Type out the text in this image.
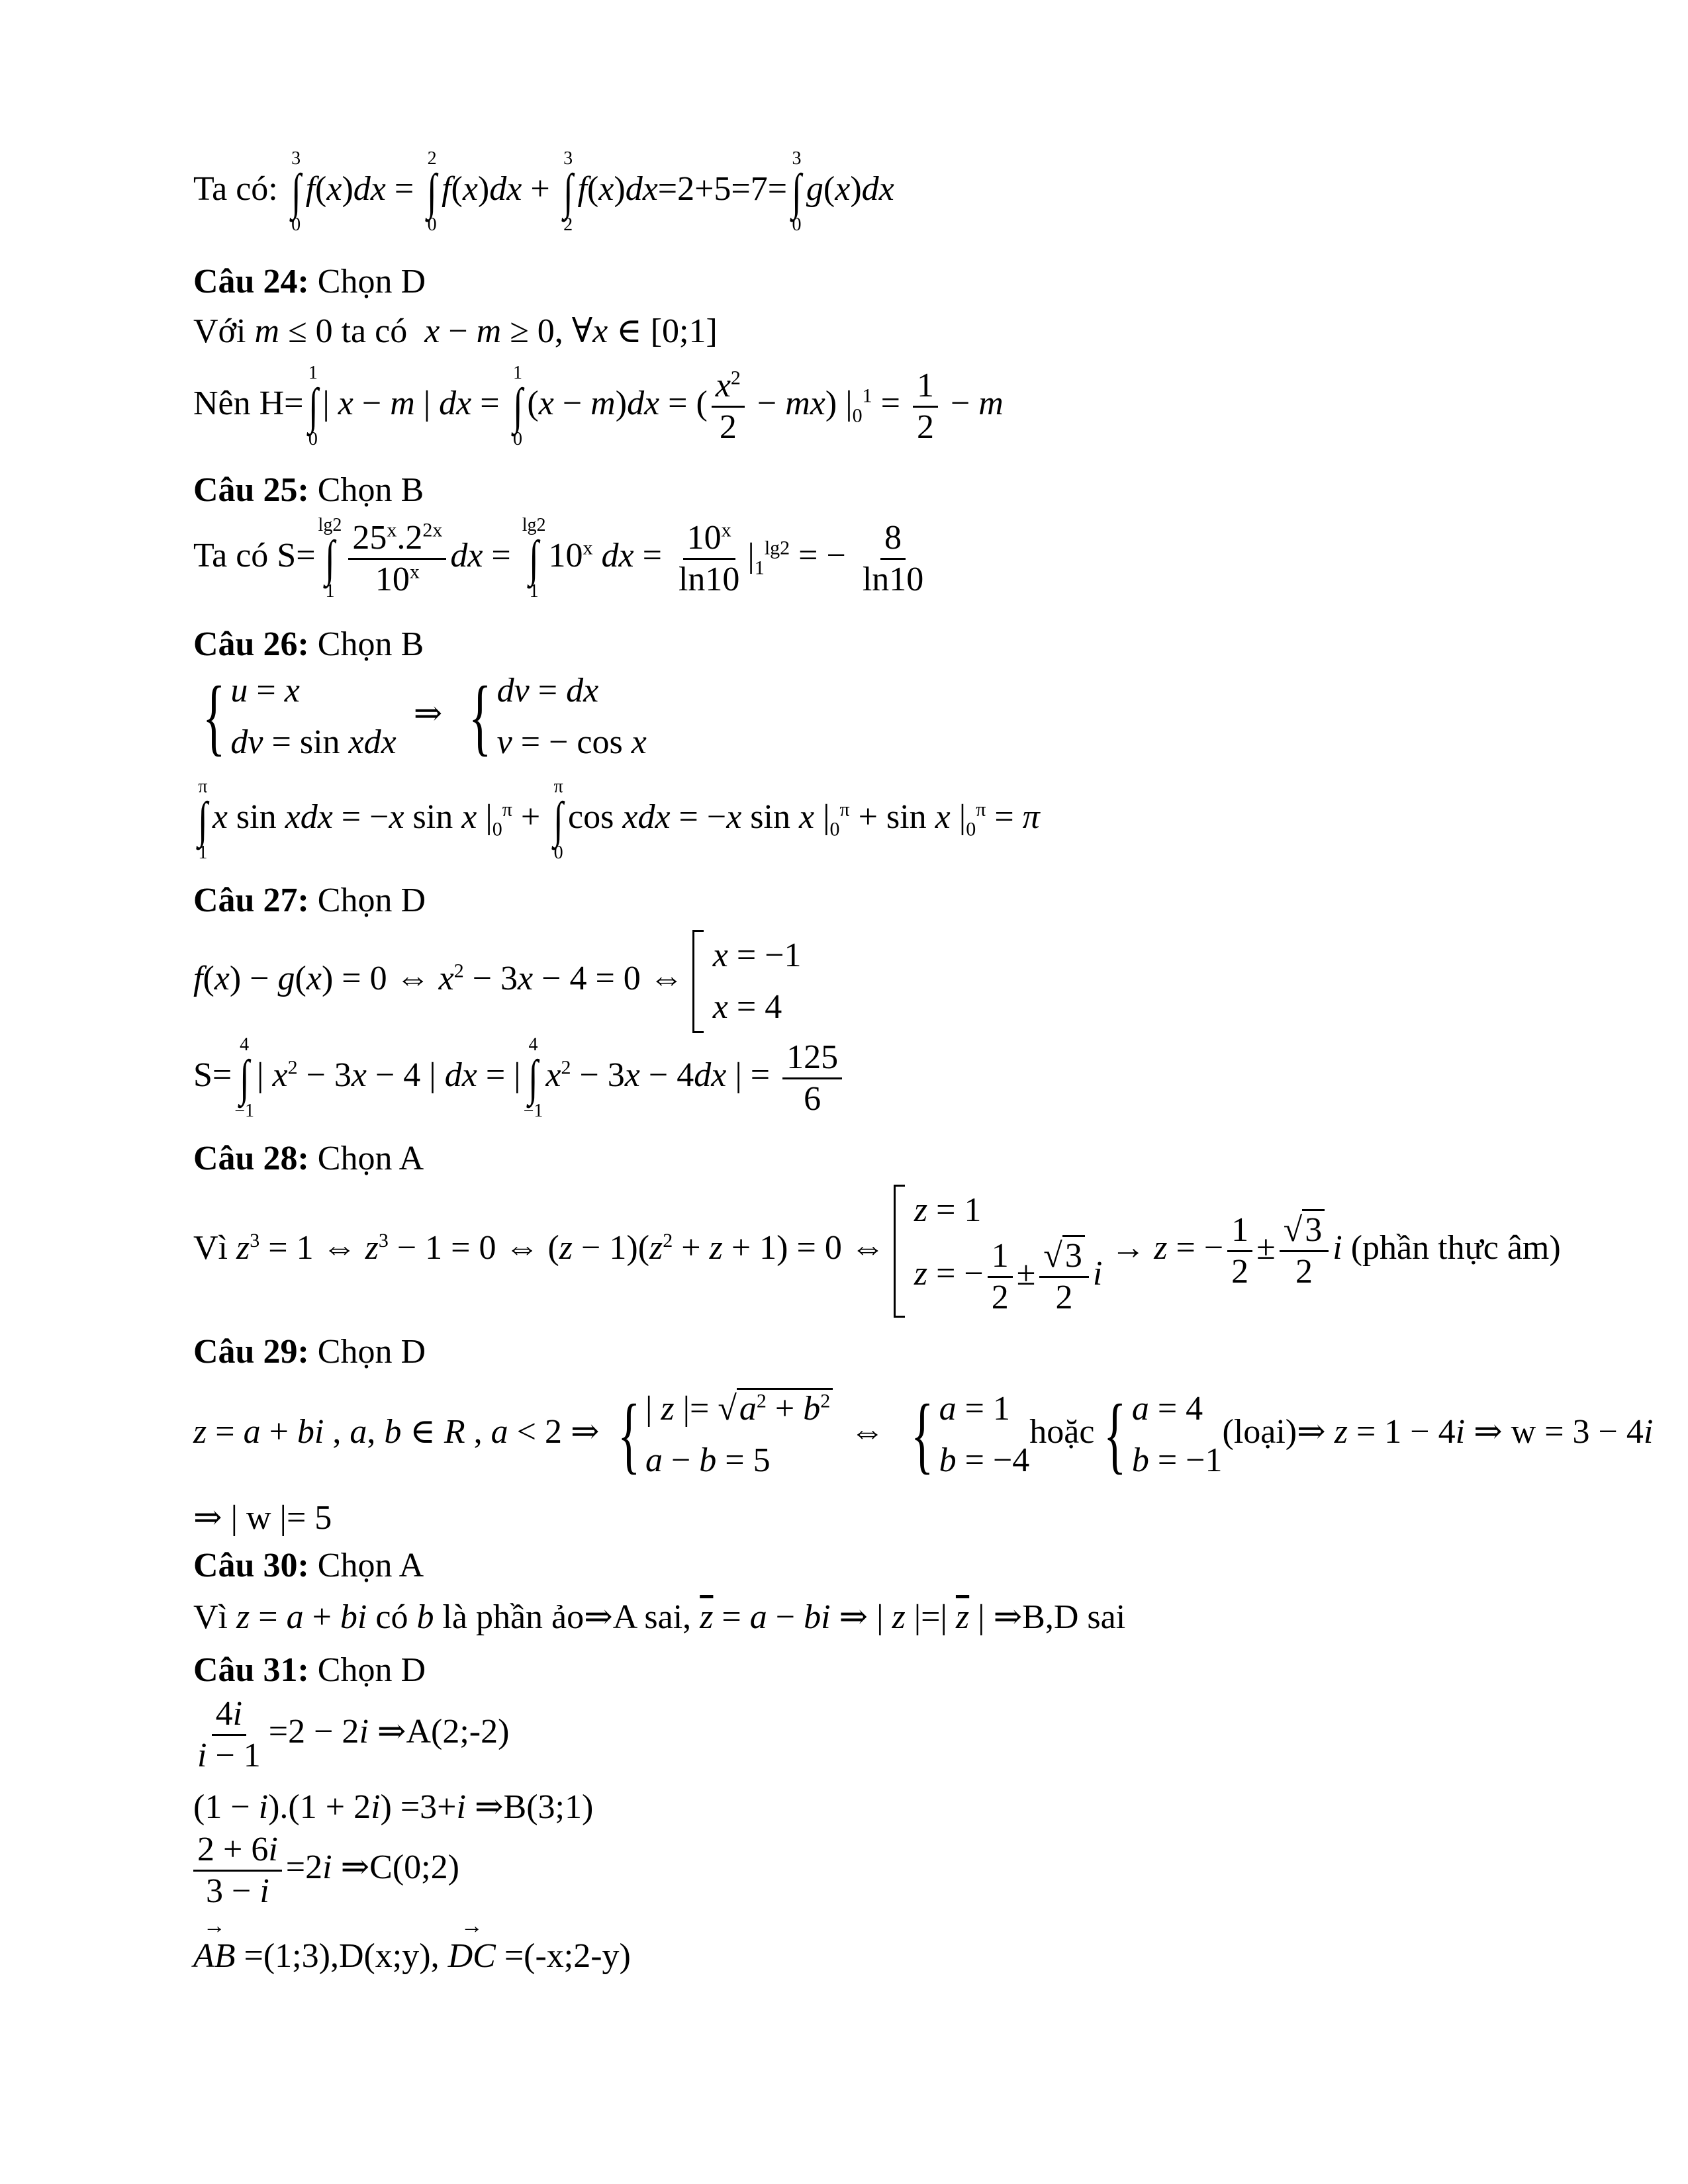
Ta có:
3
∫
0
f(x)dx =
2
∫
0
f(x)dx +
3
∫
2
f(x)dx=2+5=7=
3
∫
0
g(x)dx
Câu 24: Chọn D
Với m ≤ 0 ta có x − m ≥ 0, ∀x ∈ [0;1]
Nên H=
1
∫
0
| x − m | dx =
1
∫
0
(x − m)dx = ( $\frac{x^2}{2} - mx$) $|_0^1 = \frac{1}{2} - m$
Câu 25: Chọn B
Ta có S=
lg2
∫
$1 \frac{25^x.2^{2x}}{10^x}$ dx =
lg2
∫
1
10$^x$ dx = $\frac{10^x}{\ln 10} |_1^{lg2}$ = − $\frac{8}{\ln 10}$
Câu 26: Chọn B
{ u = x
dv = sin xdx
⇒ { dv = dx
v = − cos x
π
∫
1
x sin xdx = −x sin x $|_0^\pi$ +
π
∫
0
cos xdx = −x sin x $|_0^\pi + \sin x$ $|_0^\pi = \pi$
Câu 27: Chọn D
f(x) − g(x) = 0 ⇔ $x^2 - 3x - 4 = 0$ ⇔
x = −1
x = 4
S=
4
∫
−1
| $x^2 - 3x - 4$ | dx = |
4
∫
−1
$x^2 - 3x - 4dx$ | = $\frac{125}{6}$
Câu 28: Chọn A
Vì $z^3 = 1$ ⇔ $z^3 - 1 = 0$ ⇔ $(z - 1)(z^2 + z + 1) = 0$ ⇔
z = 1
z = − $\frac{1}{2} \pm \frac{√3}{2}$ i
→ z = − $\frac{1}{2} \pm \frac{√3}{2}$ i (phần thực âm)
Câu 29: Chọn D
z = a + bi , a, b ∈ R , a < 2 ⇒ { | z |= $√a^2 + b^2$
a − b = 5
⇔ { a = 1
b = −4
hoặc { a = 4
b = −1
(loại)⇒ z = 1 − 4i ⇒ w = 3 − 4i
⇒ | w |= 5
Câu 30: Chọn A
Vì z = a + bi có b là phần ảo⇒A sai, $\overline{z} = a$ − bi ⇒ | z |=| $\overline{z}$ | ⇒B,D sai
Câu 31: Chọn D
$\frac{4i}{i - 1} =2 - 2i$ ⇒A(2;-2)
(1 − i).(1 + 2i) =3+i ⇒B(3;1)
$\frac{2 + 6i}{3 - i} =2i$ ⇒C(0;2)
→ AB =(1;3),D(x;y), → DC =(-x;2-y)
